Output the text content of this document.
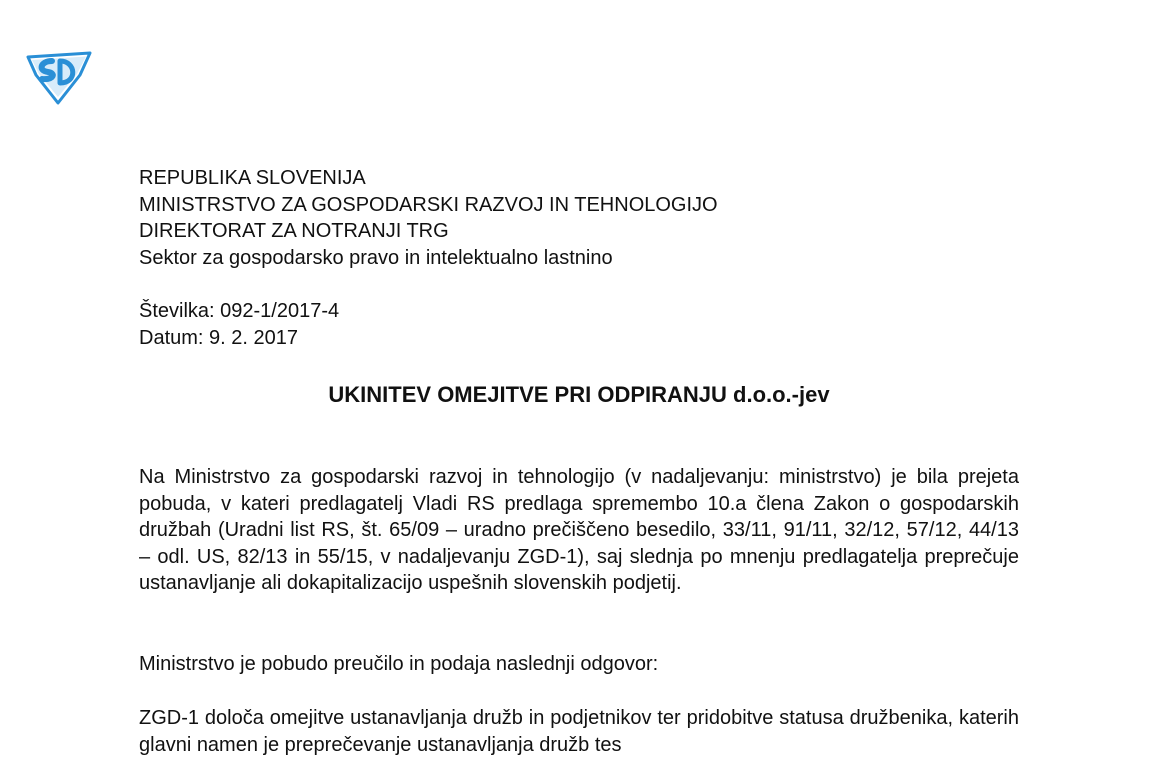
REPUBLIKA SLOVENIJA
MINISTRSTVO ZA GOSPODARSKI RAZVOJ IN TEHNOLOGIJO
DIREKTORAT ZA NOTRANJI TRG
Sektor za gospodarsko pravo in intelektualno lastnino
Številka: 092-1/2017-4
Datum: 9. 2. 2017
UKINITEV OMEJITVE PRI ODPIRANJU d.o.o.-jev

Na Ministrstvo za gospodarski razvoj in tehnologijo (v nadaljevanju: ministrstvo) je bila prejeta pobuda, v kateri predlagatelj Vladi RS predlaga spremembo 10.a člena Zakon o gospodarskih družbah (Uradni list RS, št. 65/09 – uradno prečiščeno besedilo, 33/11, 91/11, 32/12, 57/12, 44/13 – odl. US, 82/13 in 55/15, v nadaljevanju ZGD-1), saj slednja po mnenju predlagatelja preprečuje ustanavljanje ali dokapitalizacijo uspešnih slovenskih podjetij.

Ministrstvo je pobudo preučilo in podaja naslednji odgovor:

ZGD-1 določa omejitve ustanavljanja družb in podjetnikov ter pridobitve statusa družbenika, katerih glavni namen je preprečevanje ustanavljanja družb tes
